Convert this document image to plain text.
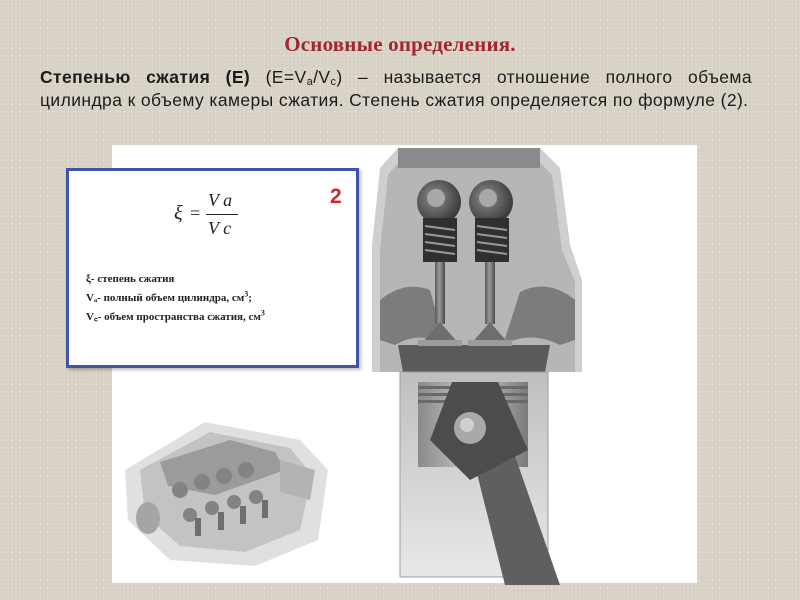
Основные определения.
Степенью сжатия (Е) $(Е=V_a/V_c)$ – называется отношение полного объема цилиндра к объему камеры сжатия. Степень сжатия определяется по формуле (2).
2
ξ =
V a
V c
ξ- степень сжатия
Vₐ- полный объем цилиндра, $см^3$;
V꜀- объем пространства сжатия, $см^3$
